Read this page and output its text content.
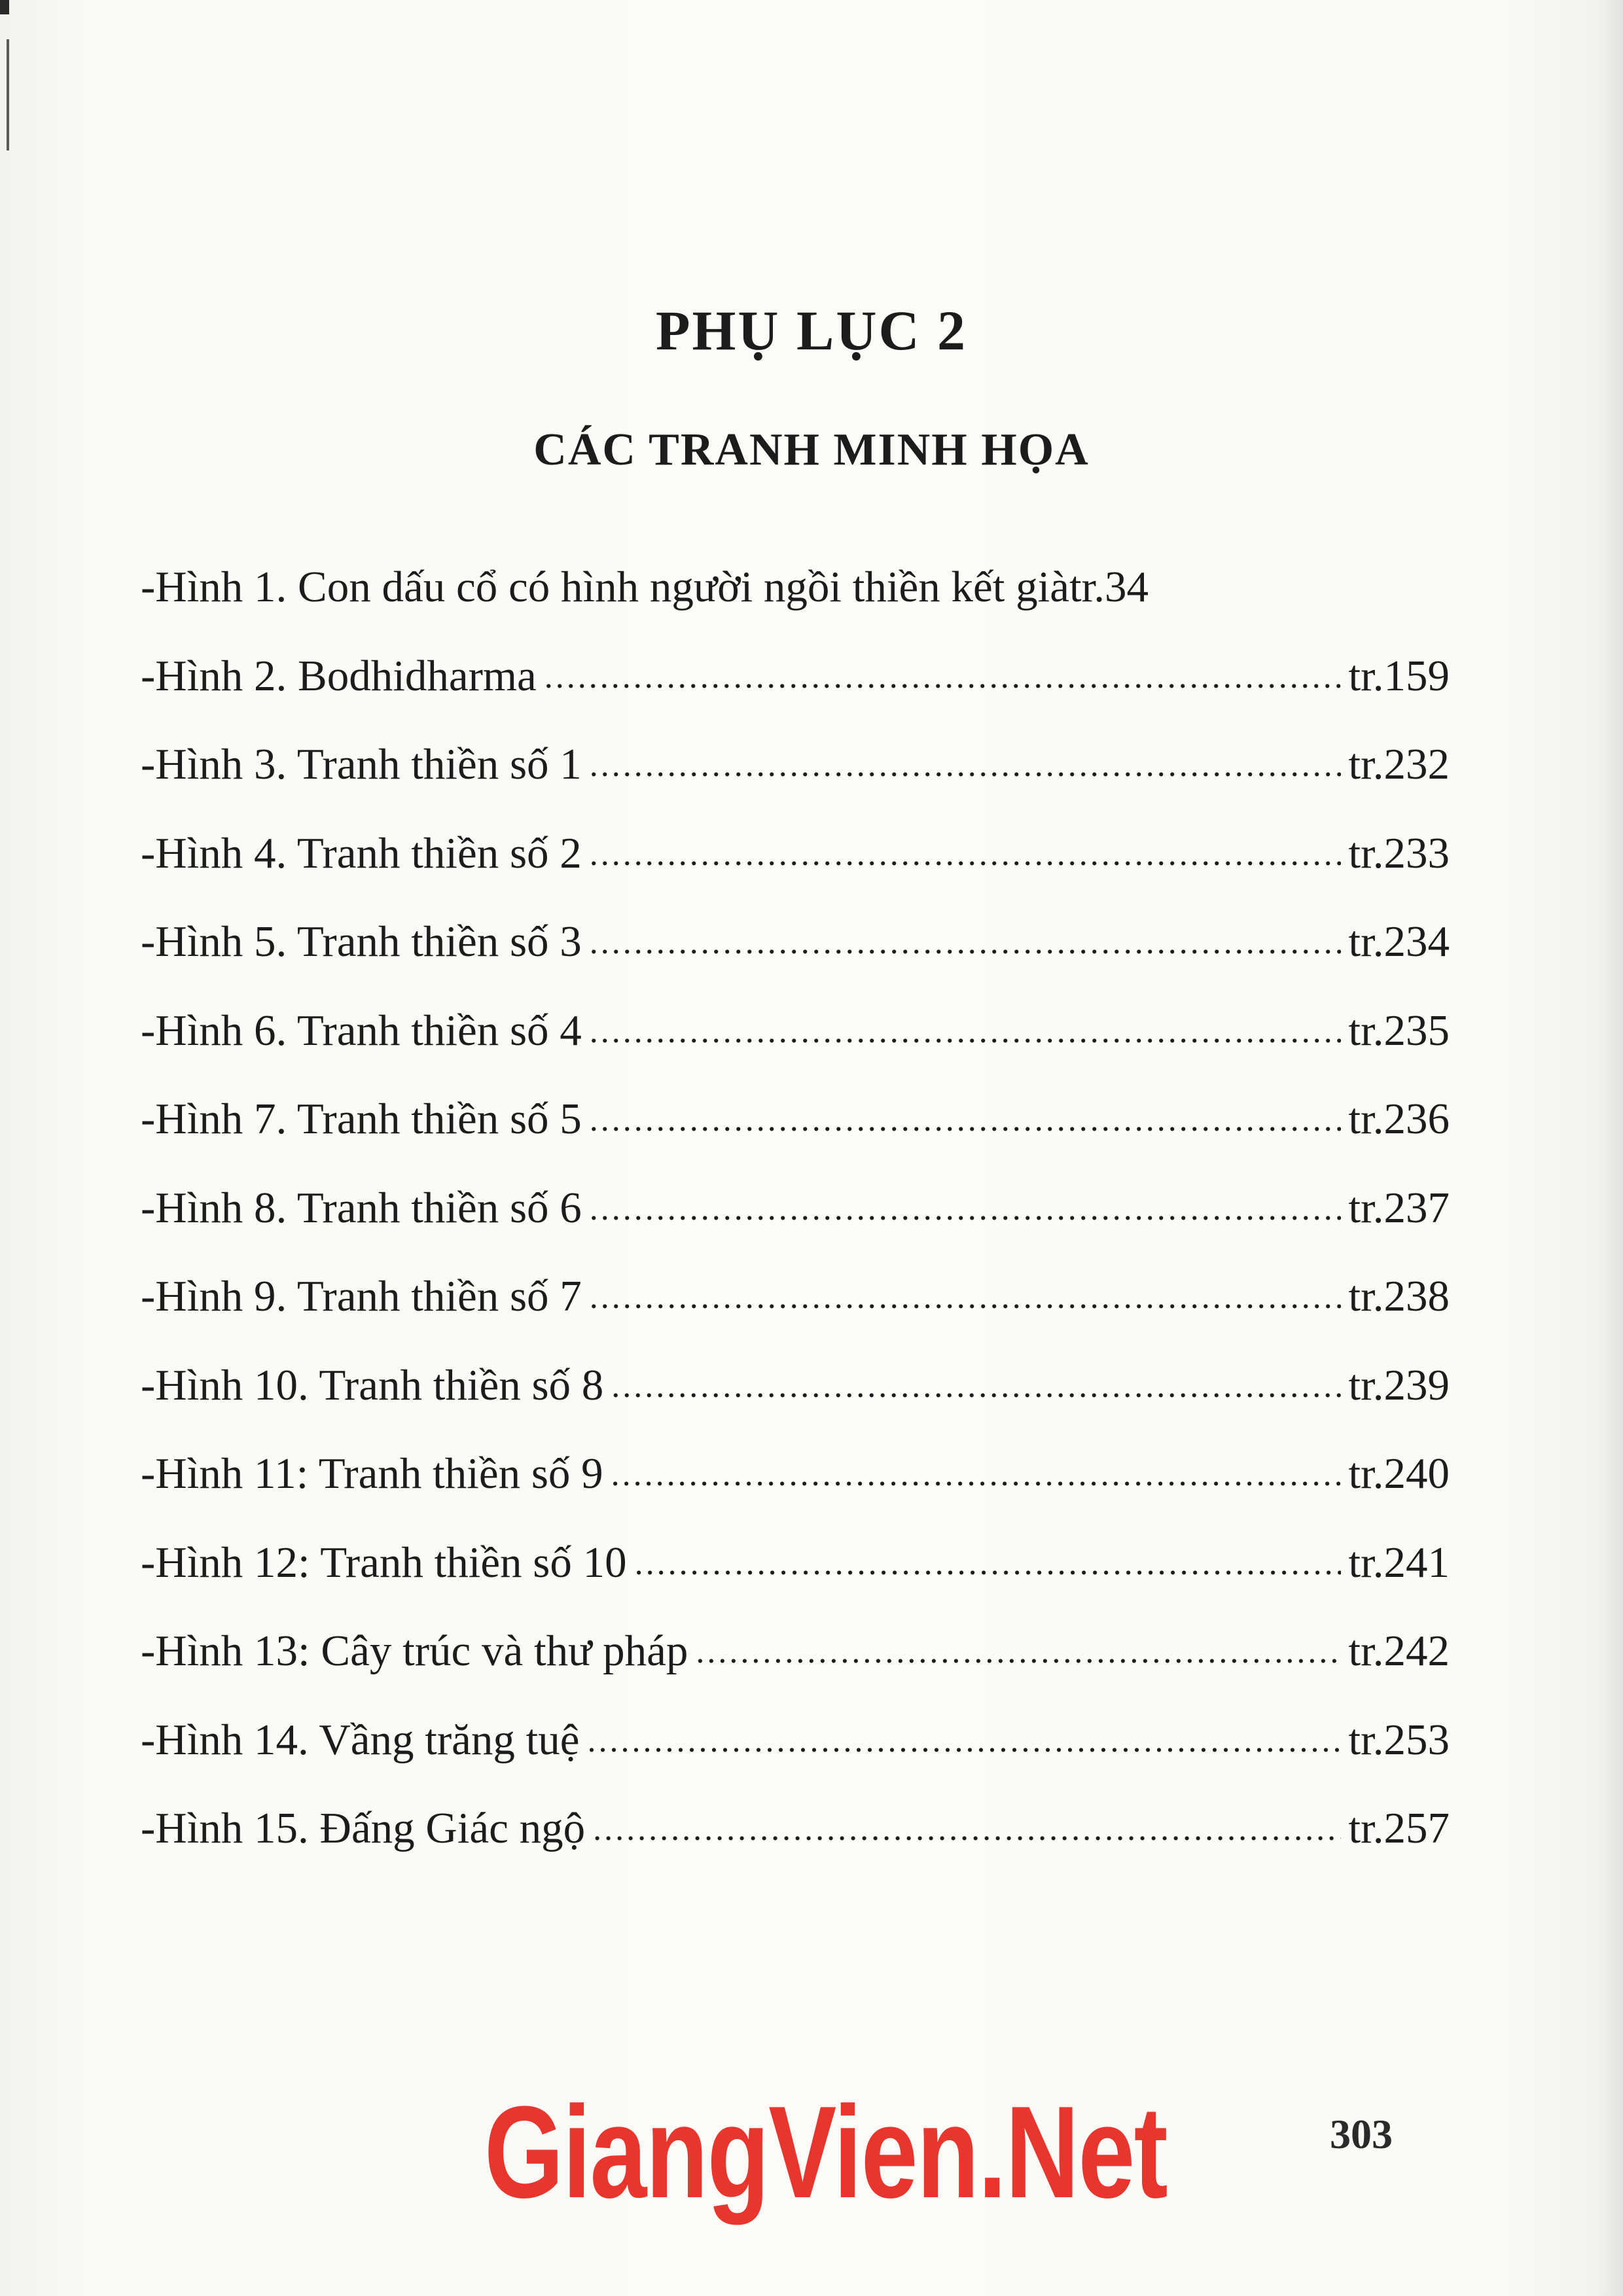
PHỤ LỤC 2
CÁC TRANH MINH HỌA
-Hình 1. Con dấu cổ có hình người ngồi thiền kết già tr.34
-Hình 2. Bodhidharma .....	tr.159
-Hình 3. Tranh thiền số 1 .....	tr.232
-Hình 4. Tranh thiền số 2 .....	tr.233
-Hình 5. Tranh thiền số 3 .....	tr.234
-Hình 6. Tranh thiền số 4 .....	tr.235
-Hình 7. Tranh thiền số 5 .....	tr.236
-Hình 8. Tranh thiền số 6 .....	tr.237
-Hình 9. Tranh thiền số 7 .....	tr.238
-Hình 10. Tranh thiền số 8 .....	tr.239
-Hình 11: Tranh thiền số 9 .....	tr.240
-Hình 12: Tranh thiền số 10 .....	tr.241
-Hình 13: Cây trúc và thư pháp .....	tr.242
-Hình 14. Vầng trăng tuệ .....	tr.253
-Hình 15. Đấng Giác ngộ .....	tr.257
GiangVien.Net	303
